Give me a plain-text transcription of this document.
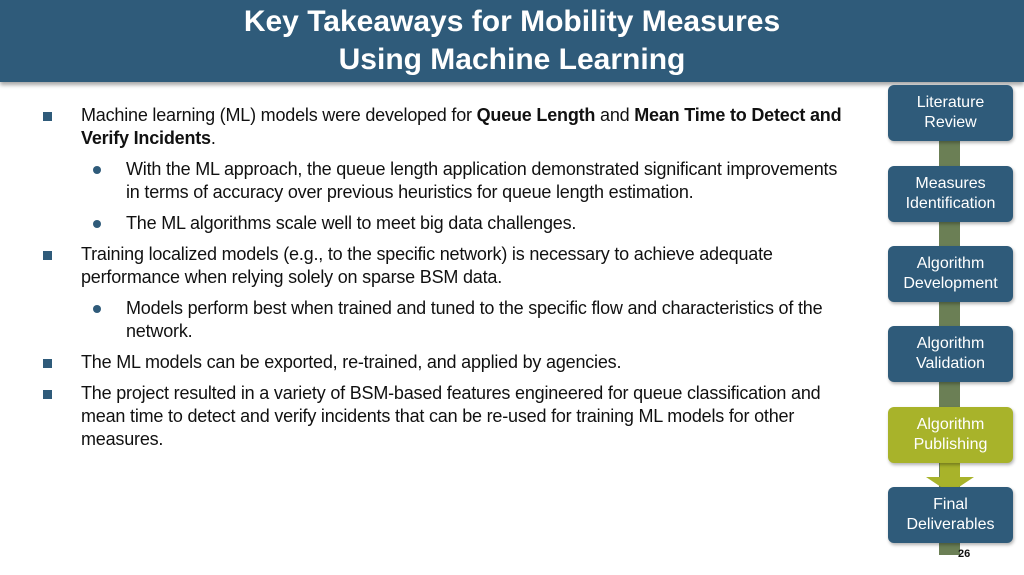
Key Takeaways for Mobility Measures
Using Machine Learning
Machine learning (ML) models were developed for Queue Length and Mean Time to Detect and Verify Incidents.
With the ML approach, the queue length application demonstrated significant improvements in terms of accuracy over previous heuristics for queue length estimation.
The ML algorithms scale well to meet big data challenges.
Training localized models (e.g., to the specific network) is necessary to achieve adequate performance when relying solely on sparse BSM data.
Models perform best when trained and tuned to the specific flow and characteristics of the network.
The ML models can be exported, re-trained, and applied by agencies.
The project resulted in a variety of BSM-based features engineered for queue classification and mean time to detect and verify incidents that can be re-used for training ML models for other measures.
Literature
Review
Measures
Identification
Algorithm
Development
Algorithm
Validation
Algorithm
Publishing
Final
Deliverables
26
